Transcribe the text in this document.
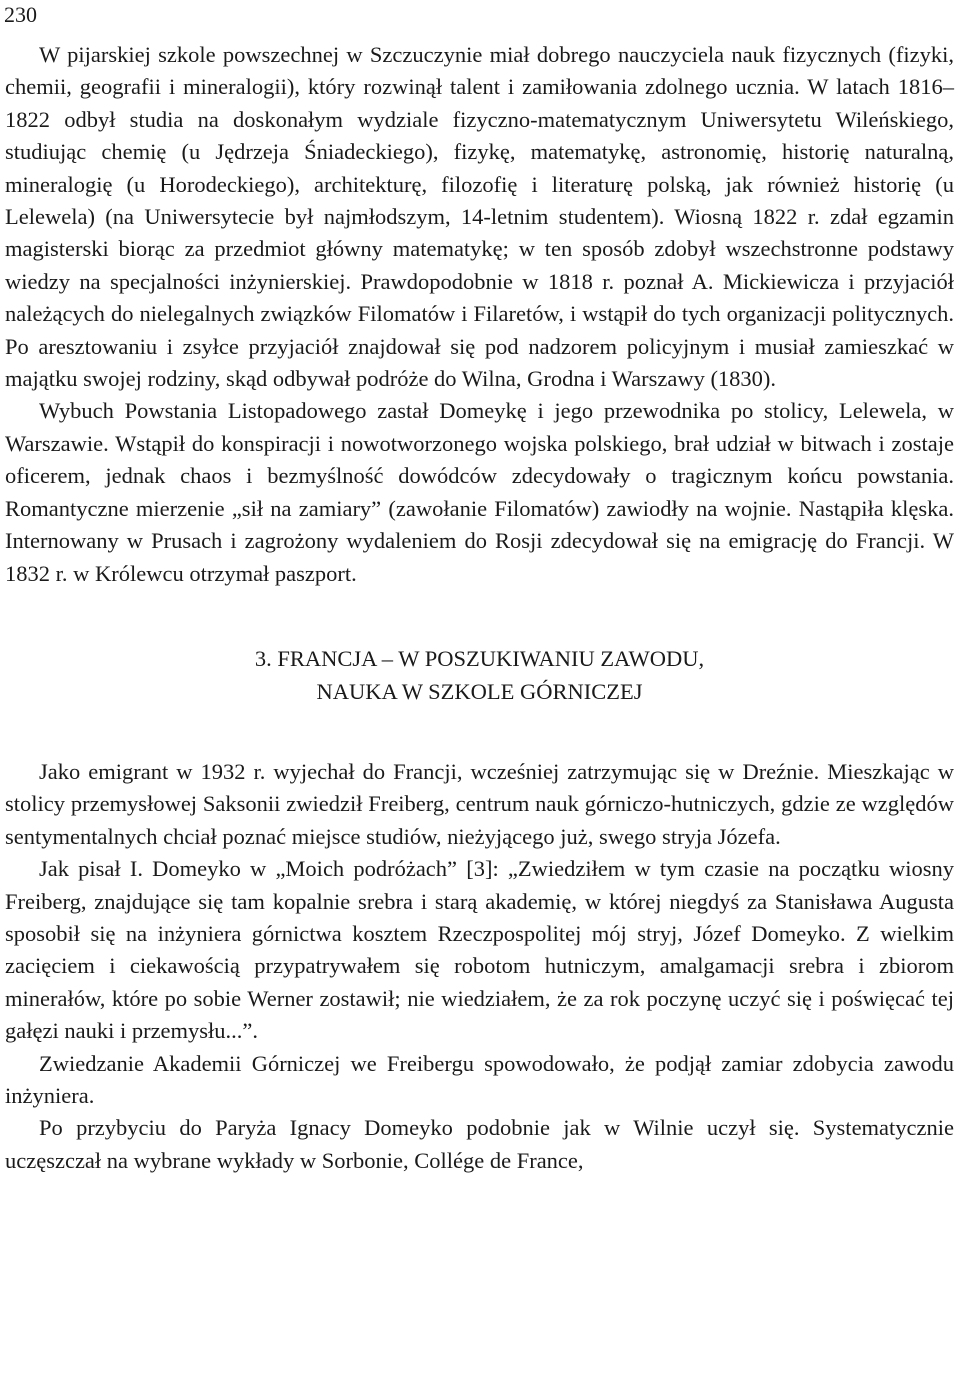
230

W pijarskiej szkole powszechnej w Szczuczynie miał dobrego nauczyciela nauk fizycznych (fizyki, chemii, geografii i mineralogii), który rozwinął talent i zamiłowania zdolnego ucznia. W latach 1816–1822 odbył studia na doskonałym wydziale fizyczno-matematycznym Uniwersytetu Wileńskiego, studiując chemię (u Jędrzeja Śniadeckiego), fizykę, matematykę, astronomię, historię naturalną, mineralogię (u Horodeckiego), architekturę, filozofię i literaturę polską, jak również historię (u Lelewela) (na Uniwersytecie był najmłodszym, 14-letnim studentem). Wiosną 1822 r. zdał egzamin magisterski biorąc za przedmiot główny matematykę; w ten sposób zdobył wszechstronne podstawy wiedzy na specjalności inżynierskiej. Prawdopodobnie w 1818 r. poznał A. Mickiewicza i przyjaciół należących do nielegalnych związków Filomatów i Filaretów, i wstąpił do tych organizacji politycznych. Po aresztowaniu i zsyłce przyjaciół znajdował się pod nadzorem policyjnym i musiał zamieszkać w majątku swojej rodziny, skąd odbywał podróże do Wilna, Grodna i Warszawy (1830).

Wybuch Powstania Listopadowego zastał Domeykę i jego przewodnika po stolicy, Lelewela, w Warszawie. Wstąpił do konspiracji i nowotworzonego wojska polskiego, brał udział w bitwach i zostaje oficerem, jednak chaos i bezmyślność dowódców zdecydowały o tragicznym końcu powstania. Romantyczne mierzenie „sił na zamiary” (zawołanie Filomatów) zawiodły na wojnie. Nastąpiła klęska. Internowany w Prusach i zagrożony wydaleniem do Rosji zdecydował się na emigrację do Francji. W 1832 r. w Królewcu otrzymał paszport.

3. FRANCJA – W POSZUKIWANIU ZAWODU,
NAUKA W SZKOLE GÓRNICZEJ

Jako emigrant w 1932 r. wyjechał do Francji, wcześniej zatrzymując się w Dreźnie. Mieszkając w stolicy przemysłowej Saksonii zwiedził Freiberg, centrum nauk górniczo-hutniczych, gdzie ze względów sentymentalnych chciał poznać miejsce studiów, nieżyjącego już, swego stryja Józefa.

Jak pisał I. Domeyko w „Moich podróżach” [3]: „Zwiedziłem w tym czasie na początku wiosny Freiberg, znajdujące się tam kopalnie srebra i starą akademię, w której niegdyś za Stanisława Augusta sposobił się na inżyniera górnictwa kosztem Rzeczpospolitej mój stryj, Józef Domeyko. Z wielkim zacięciem i ciekawością przypatrywałem się robotom hutniczym, amalgamacji srebra i zbiorom minerałów, które po sobie Werner zostawił; nie wiedziałem, że za rok poczynę uczyć się i poświęcać tej gałęzi nauki i przemysłu...”.

Zwiedzanie Akademii Górniczej we Freibergu spowodowało, że podjął zamiar zdobycia zawodu inżyniera.

Po przybyciu do Paryża Ignacy Domeyko podobnie jak w Wilnie uczył się. Systematycznie uczęszczał na wybrane wykłady w Sorbonie, Collége de France,
